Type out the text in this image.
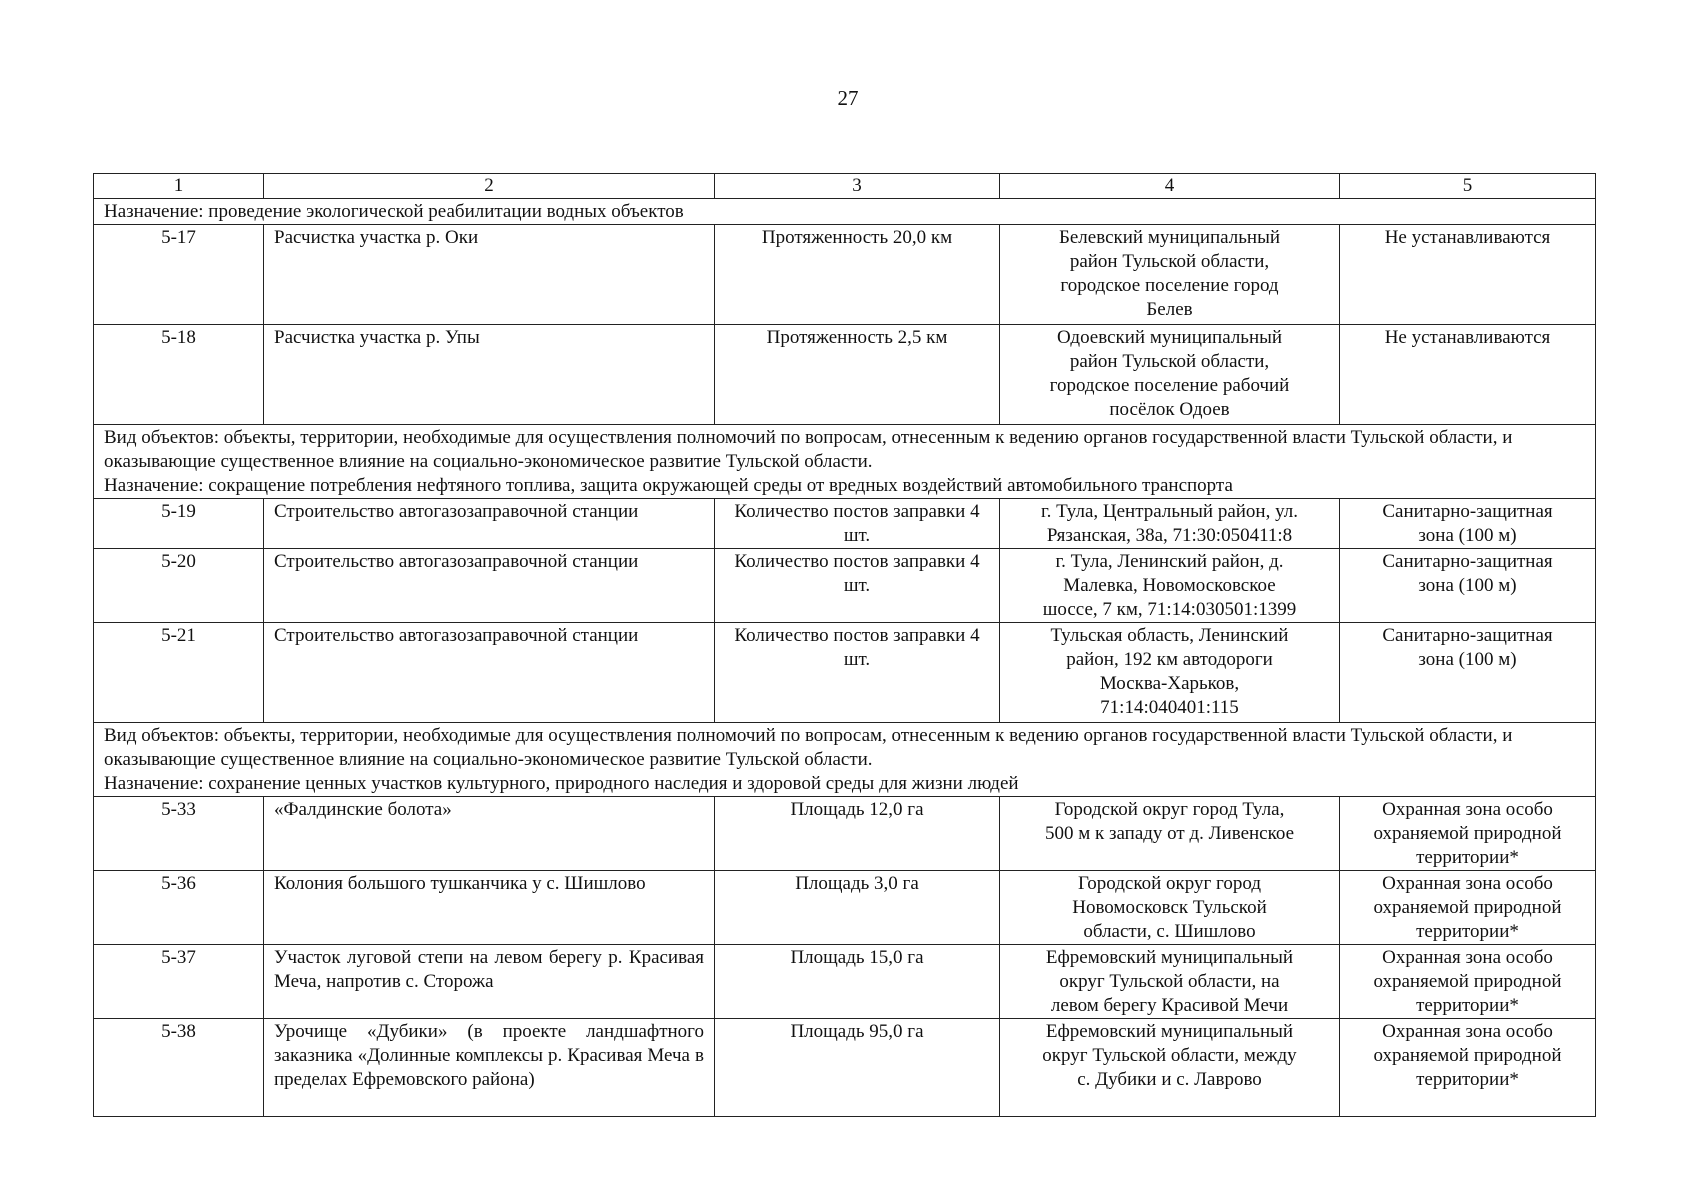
27
1	2	3	4	5

Назначение: проведение экологической реабилитации водных объектов				

5-17	Расчистка участка р. Оки	Протяженность 20,0 км	Белевский муниципальный
район Тульской области,
городское поселение город
Белев	Не устанавливаются

5-18	Расчистка участка р. Упы	Протяженность 2,5 км	Одоевский муниципальный
район Тульской области,
городское поселение рабочий
посёлок Одоев	Не устанавливаются

Вид объектов: объекты, территории, необходимые для осуществления полномочий по вопросам, отнесенным к ведению органов государственной власти Тульской области, и оказывающие существенное влияние на социально-экономическое развитие Тульской области.
Назначение: сокращение потребления нефтяного топлива, защита окружающей среды от вредных воздействий автомобильного транспорта				

5-19	Строительство автогазозаправочной станции	Количество постов заправки 4 шт.	г. Тула, Центральный район, ул.
Рязанская, 38а, 71:30:050411:8	Санитарно-защитная
зона (100 м)

5-20	Строительство автогазозаправочной станции	Количество постов заправки 4 шт.	г. Тула, Ленинский район, д.
Малевка, Новомосковское
шоссе, 7 км, 71:14:030501:1399	Санитарно-защитная
зона (100 м)

5-21	Строительство автогазозаправочной станции	Количество постов заправки 4 шт.	Тульская область, Ленинский
район, 192 км автодороги
Москва-Харьков,
71:14:040401:115	Санитарно-защитная
зона (100 м)

Вид объектов: объекты, территории, необходимые для осуществления полномочий по вопросам, отнесенным к ведению органов государственной власти Тульской области, и оказывающие существенное влияние на социально-экономическое развитие Тульской области.
Назначение: сохранение ценных участков культурного, природного наследия и здоровой среды для жизни людей				

5-33	«Фалдинские болота»	Площадь 12,0 га	Городской округ город Тула,
500 м к западу от д. Ливенское	Охранная зона особо
охраняемой природной
территории*

5-36	Колония большого тушканчика у с. Шишлово	Площадь 3,0 га	Городской округ город
Новомосковск Тульской
области, с. Шишлово	Охранная зона особо
охраняемой природной
территории*

5-37	Участок луговой степи на левом берегу р. Красивая Меча, напротив с. Сторожа	Площадь 15,0 га	Ефремовский муниципальный
округ Тульской области, на
левом берегу Красивой Мечи	Охранная зона особо
охраняемой природной
территории*

5-38	Урочище «Дубики» (в проекте ландшафтного заказника «Долинные комплексы р. Красивая Меча в пределах Ефремовского района)	Площадь 95,0 га	Ефремовский муниципальный
округ Тульской области, между
с. Дубики и с. Лаврово	Охранная зона особо
охраняемой природной
территории*
